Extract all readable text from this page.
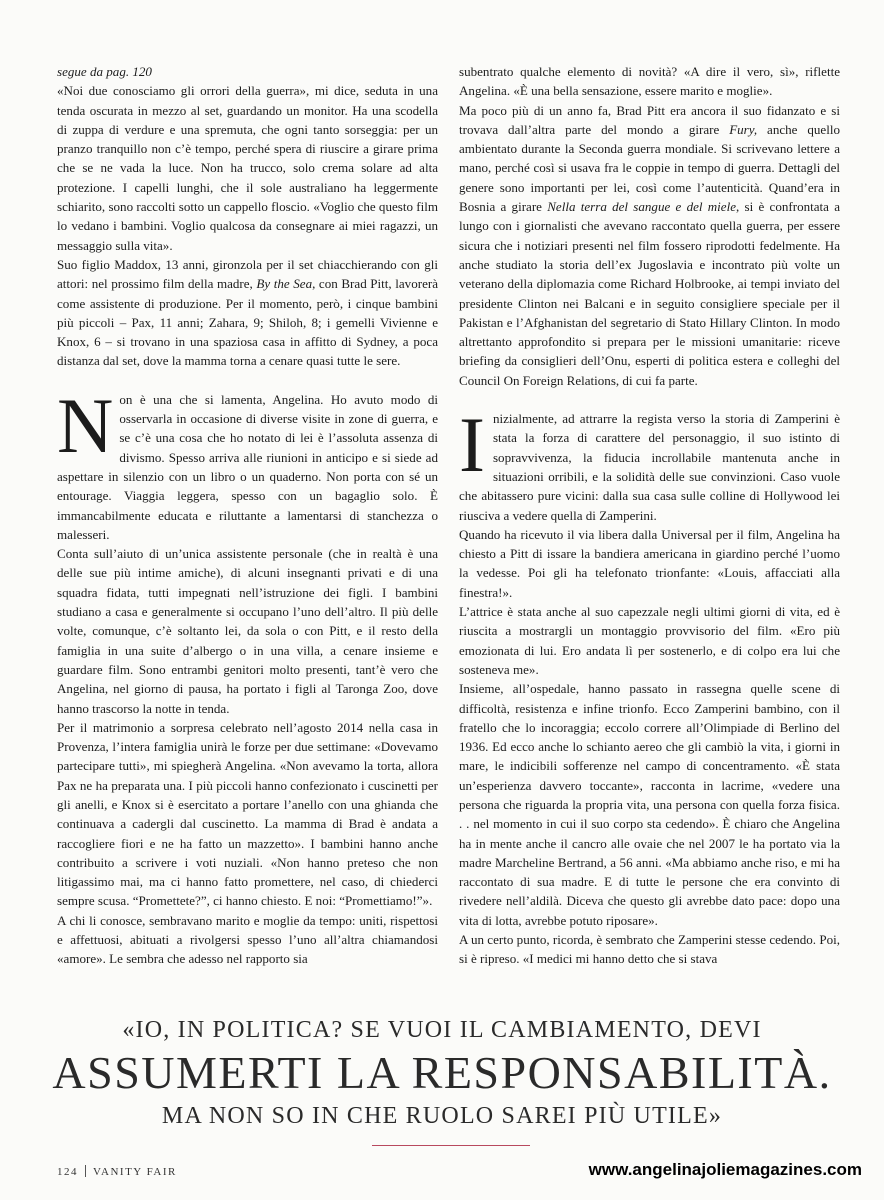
segue da pag. 120

«Noi due conosciamo gli orrori della guerra», mi dice, seduta in una tenda oscurata in mezzo al set, guardando un monitor. Ha una scodella di zuppa di verdure e una spremuta, che ogni tanto sorseggia: per un pranzo tranquillo non c’è tempo, perché spera di riuscire a girare prima che se ne vada la luce. Non ha trucco, solo crema solare ad alta protezione. I capelli lunghi, che il sole australiano ha leggermente schiarito, sono raccolti sotto un cappello floscio. «Voglio che questo film lo vedano i bambini. Voglio qualcosa da consegnare ai miei ragazzi, un messaggio sulla vita».

Suo figlio Maddox, 13 anni, gironzola per il set chiacchierando con gli attori: nel prossimo film della madre, By the Sea, con Brad Pitt, lavorerà come assistente di produzione. Per il momento, però, i cinque bambini più piccoli – Pax, 11 anni; Zahara, 9; Shiloh, 8; i gemelli Vivienne e Knox, 6 – si trovano in una spaziosa casa in affitto di Sydney, a poca distanza dal set, dove la mamma torna a cenare quasi tutte le sere.

Non è una che si lamenta, Angelina. Ho avuto modo di osservarla in occasione di diverse visite in zone di guerra, e se c’è una cosa che ho notato di lei è l’assoluta assenza di divismo. Spesso arriva alle riunioni in anticipo e si siede ad aspettare in silenzio con un libro o un quaderno. Non porta con sé un entourage. Viaggia leggera, spesso con un bagaglio solo. È immancabilmente educata e riluttante a lamentarsi di stanchezza o malesseri.

Conta sull’aiuto di un’unica assistente personale (che in realtà è una delle sue più intime amiche), di alcuni insegnanti privati e di una squadra fidata, tutti impegnati nell’istruzione dei figli. I bambini studiano a casa e generalmente si occupano l’uno dell’altro. Il più delle volte, comunque, c’è soltanto lei, da sola o con Pitt, e il resto della famiglia in una suite d’albergo o in una villa, a cenare insieme e guardare film. Sono entrambi genitori molto presenti, tant’è vero che Angelina, nel giorno di pausa, ha portato i figli al Taronga Zoo, dove hanno trascorso la notte in tenda.

Per il matrimonio a sorpresa celebrato nell’agosto 2014 nella casa in Provenza, l’intera famiglia unirà le forze per due settimane: «Dovevamo partecipare tutti», mi spiegherà Angelina. «Non avevamo la torta, allora Pax ne ha preparata una. I più piccoli hanno confezionato i cuscinetti per gli anelli, e Knox si è esercitato a portare l’anello con una ghianda che continuava a cadergli dal cuscinetto. La mamma di Brad è andata a raccogliere fiori e ne ha fatto un mazzetto». I bambini hanno anche contribuito a scrivere i voti nuziali. «Non hanno preteso che non litigassimo mai, ma ci hanno fatto promettere, nel caso, di chiederci sempre scusa. “Promettete?”, ci hanno chiesto. E noi: “Promettiamo!”».

A chi li conosce, sembravano marito e moglie da tempo: uniti, rispettosi e affettuosi, abituati a rivolgersi spesso l’uno all’altra chiamandosi «amore». Le sembra che adesso nel rapporto sia

subentrato qualche elemento di novità? «A dire il vero, sì», riflette Angelina. «È una bella sensazione, essere marito e moglie».

Ma poco più di un anno fa, Brad Pitt era ancora il suo fidanzato e si trovava dall’altra parte del mondo a girare Fury, anche quello ambientato durante la Seconda guerra mondiale. Si scrivevano lettere a mano, perché così si usava fra le coppie in tempo di guerra. Dettagli del genere sono importanti per lei, così come l’autenticità. Quand’era in Bosnia a girare Nella terra del sangue e del miele, si è confrontata a lungo con i giornalisti che avevano raccontato quella guerra, per essere sicura che i notiziari presenti nel film fossero riprodotti fedelmente. Ha anche studiato la storia dell’ex Jugoslavia e incontrato più volte un veterano della diplomazia come Richard Holbrooke, ai tempi inviato del presidente Clinton nei Balcani e in seguito consigliere speciale per il Pakistan e l’Afghanistan del segretario di Stato Hillary Clinton. In modo altrettanto approfondito si prepara per le missioni umanitarie: riceve briefing da consiglieri dell’Onu, esperti di politica estera e colleghi del Council On Foreign Relations, di cui fa parte.

Inizialmente, ad attrarre la regista verso la storia di Zamperini è stata la forza di carattere del personaggio, il suo istinto di sopravvivenza, la fiducia incrollabile mantenuta anche in situazioni orribili, e la solidità delle sue convinzioni. Caso vuole che abitassero pure vicini: dalla sua casa sulle colline di Hollywood lei riusciva a vedere quella di Zamperini.

Quando ha ricevuto il via libera dalla Universal per il film, Angelina ha chiesto a Pitt di issare la bandiera americana in giardino perché l’uomo la vedesse. Poi gli ha telefonato trionfante: «Louis, affacciati alla finestra!».

L’attrice è stata anche al suo capezzale negli ultimi giorni di vita, ed è riuscita a mostrargli un montaggio provvisorio del film. «Ero più emozionata di lui. Ero andata lì per sostenerlo, e di colpo era lui che sosteneva me».

Insieme, all’ospedale, hanno passato in rassegna quelle scene di difficoltà, resistenza e infine trionfo. Ecco Zamperini bambino, con il fratello che lo incoraggia; eccolo correre all’Olimpiade di Berlino del 1936. Ed ecco anche lo schianto aereo che gli cambiò la vita, i giorni in mare, le indicibili sofferenze nel campo di concentramento. «È stata un’esperienza davvero toccante», racconta in lacrime, «vedere una persona che riguarda la propria vita, una persona con quella forza fisica. . . nel momento in cui il suo corpo sta cedendo». È chiaro che Angelina ha in mente anche il cancro alle ovaie che nel 2007 le ha portato via la madre Marcheline Bertrand, a 56 anni. «Ma abbiamo anche riso, e mi ha raccontato di sua madre. E di tutte le persone che era convinto di rivedere nell’aldilà. Diceva che questo gli avrebbe dato pace: dopo una vita di lotta, avrebbe potuto riposare».

A un certo punto, ricorda, è sembrato che Zamperini stesse cedendo. Poi, si è ripreso. «I medici mi hanno detto che si stava

«IO, IN POLITICA? SE VUOI IL CAMBIAMENTO, DEVI
ASSUMERTI LA RESPONSABILITÀ.
MA NON SO IN CHE RUOLO SAREI PIÙ UTILE»
124 VANITY FAIR	www.angelinajoliemagazines.com
